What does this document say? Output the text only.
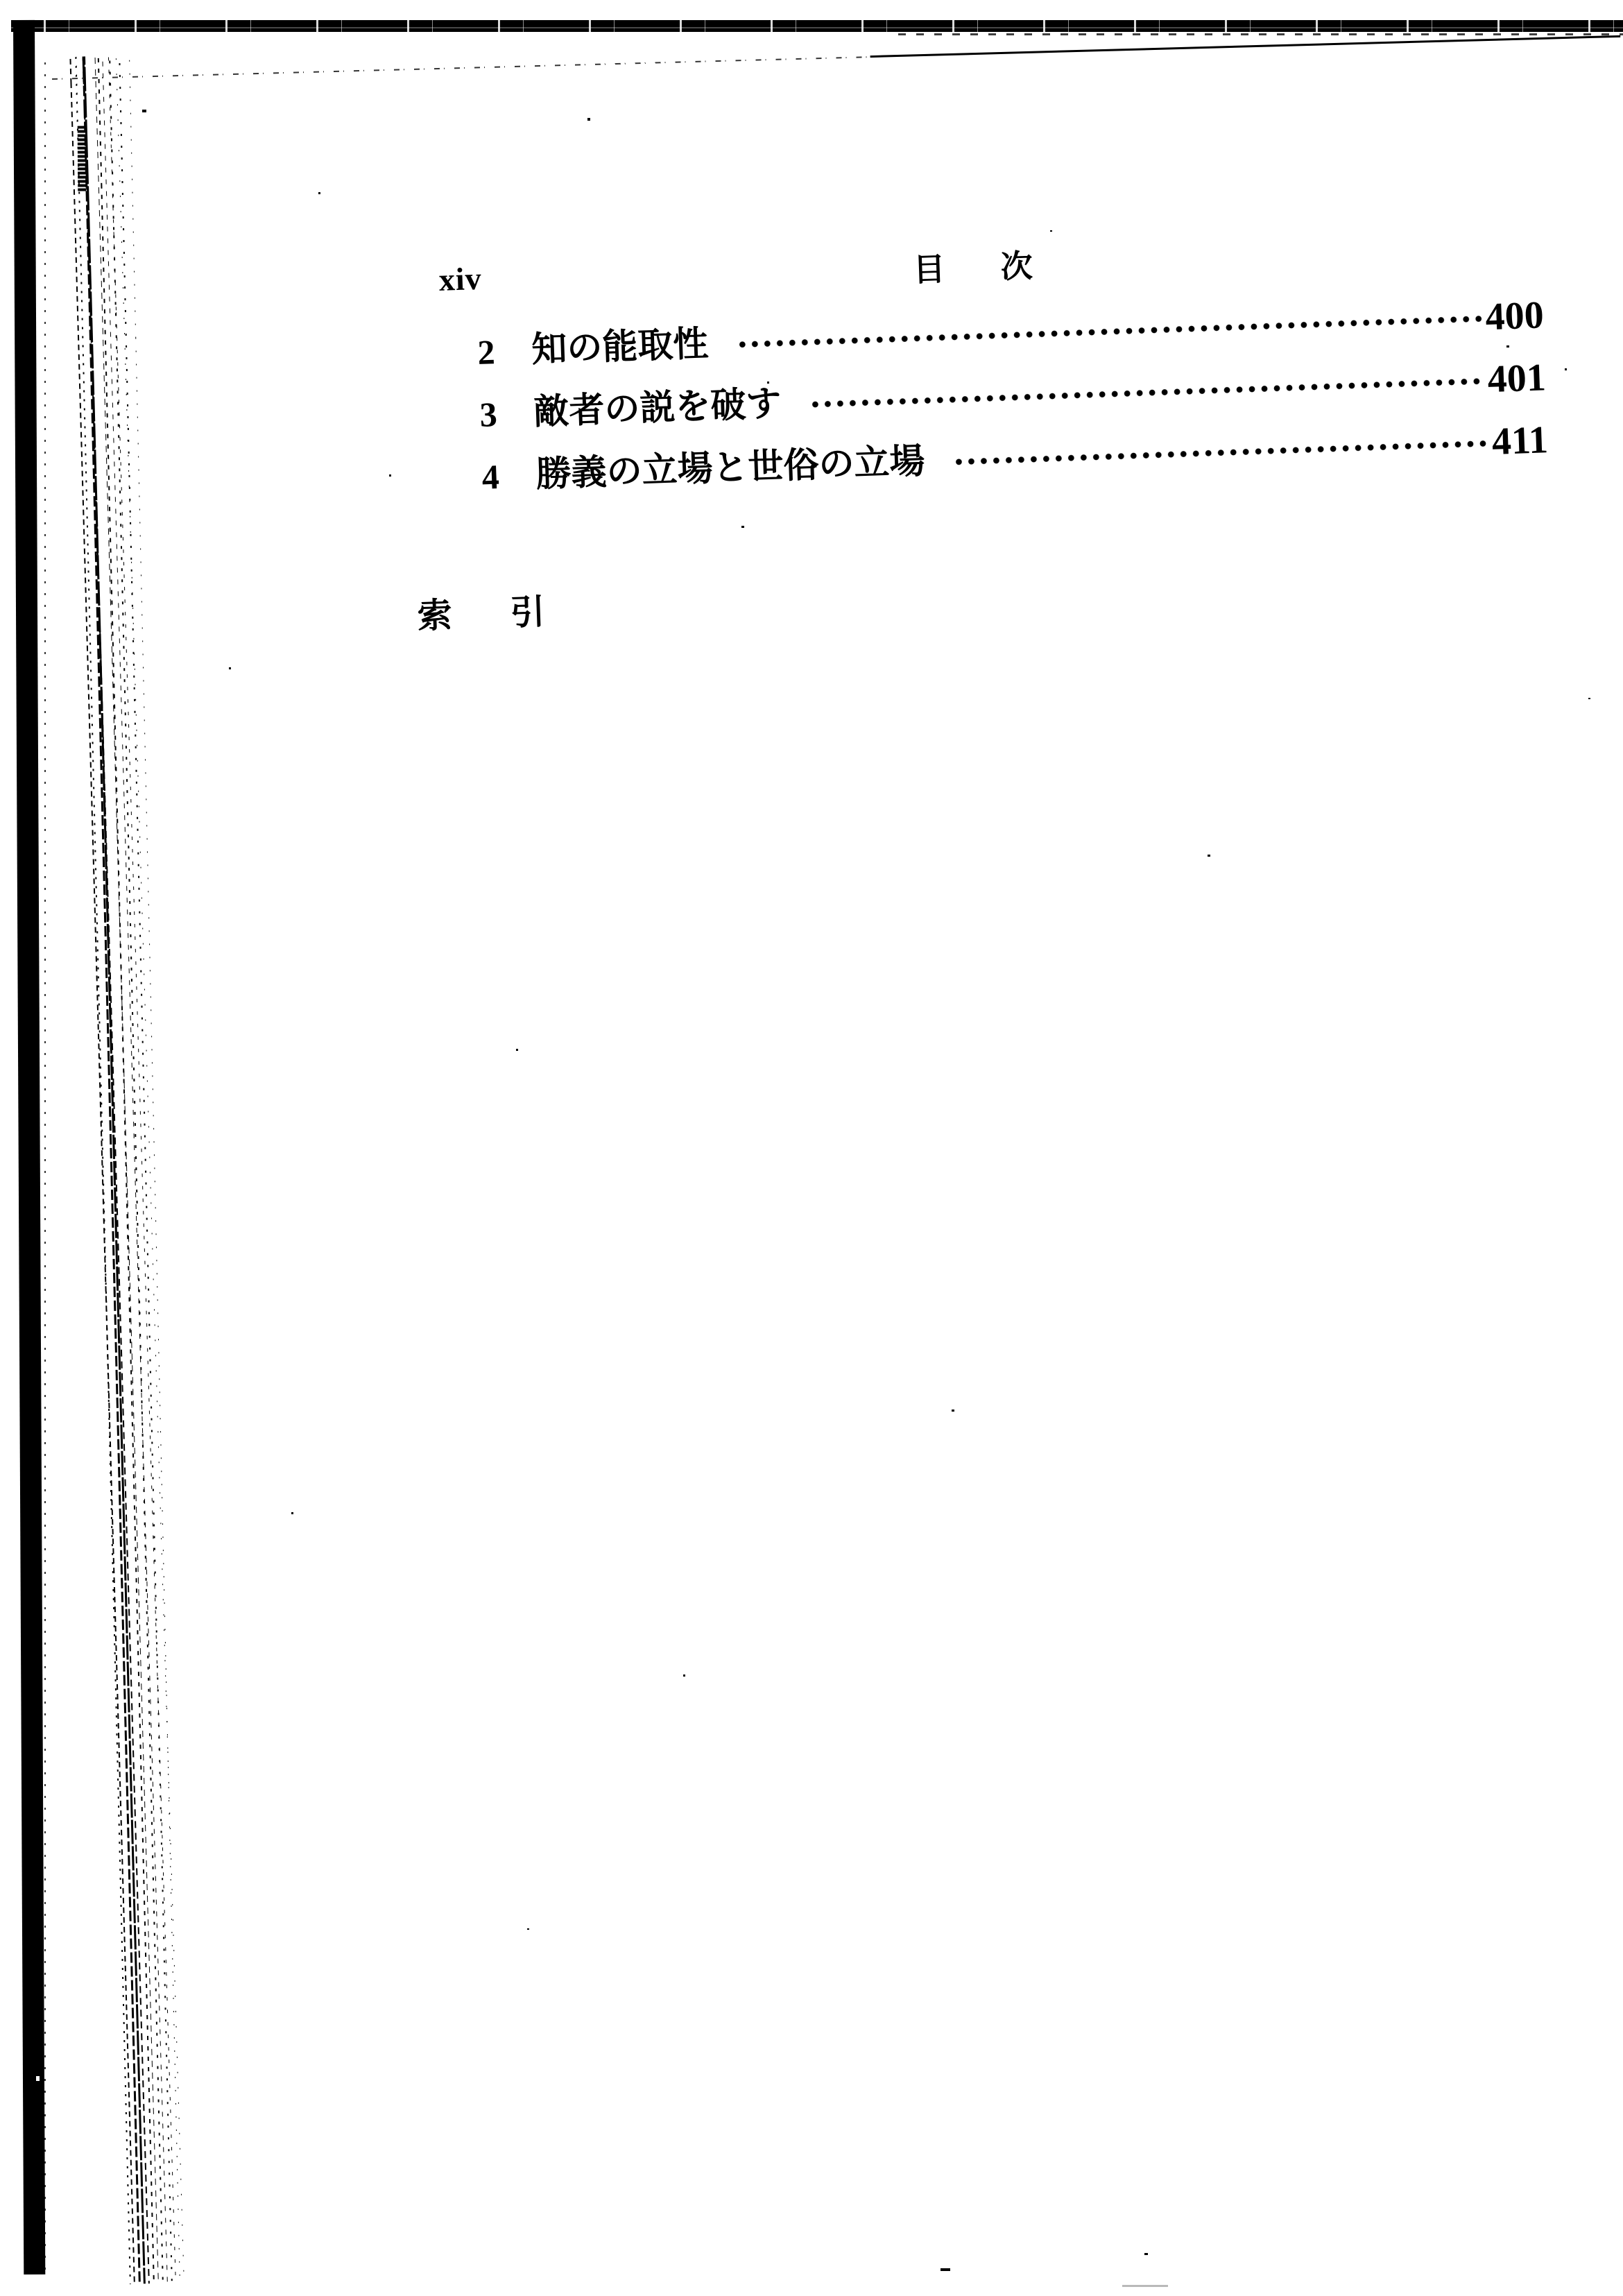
xiv	目次
2 知の能取性
400
3 敵者の説を破す
401
4 勝義の立場と世俗の立場
411
索引
